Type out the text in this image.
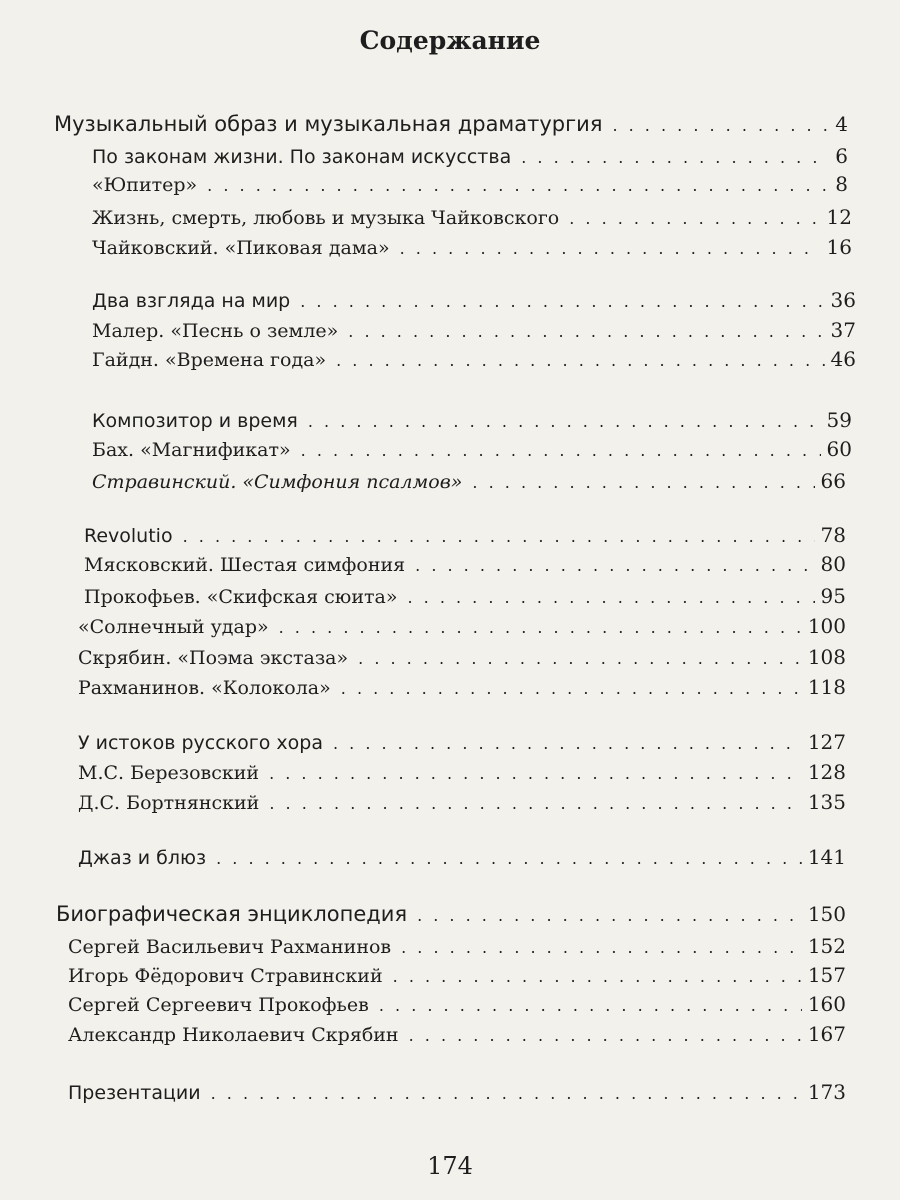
Содержание
Музыкальный образ и музыкальная драматургия . . .	4
По законам жизни. По законам искусства . . .	6
«Юпитер» . . .	8
Жизнь, смерть, любовь и музыка Чайковского . . .	12
Чайковский. «Пиковая дама» . . .	16
Два взгляда на мир . . .	36
Малер. «Песнь о земле» . . .	37
Гайдн. «Времена года» . . .	46
Композитор и время . . .	59
Бах. «Магнификат» . . .	60
Стравинский. «Симфония псалмов» . . .	66
Revolutio . . .	78
Мясковский. Шестая симфония . . .	80
Прокофьев. «Скифская сюита» . . .	95
«Солнечный удар» . . .	100
Скрябин. «Поэма экстаза» . . .	108
Рахманинов. «Колокола» . . .	118
У истоков русского хора . . .	127
М.С. Березовский . . .	128
Д.С. Бортнянский . . .	135
Джаз и блюз . . .	141
Биографическая энциклопедия . . .	150
Сергей Васильевич Рахманинов . . .	152
Игорь Фёдорович Стравинский . . .	157
Сергей Сергеевич Прокофьев . . .	160
Александр Николаевич Скрябин . . .	167
Презентации . . .	173
174
